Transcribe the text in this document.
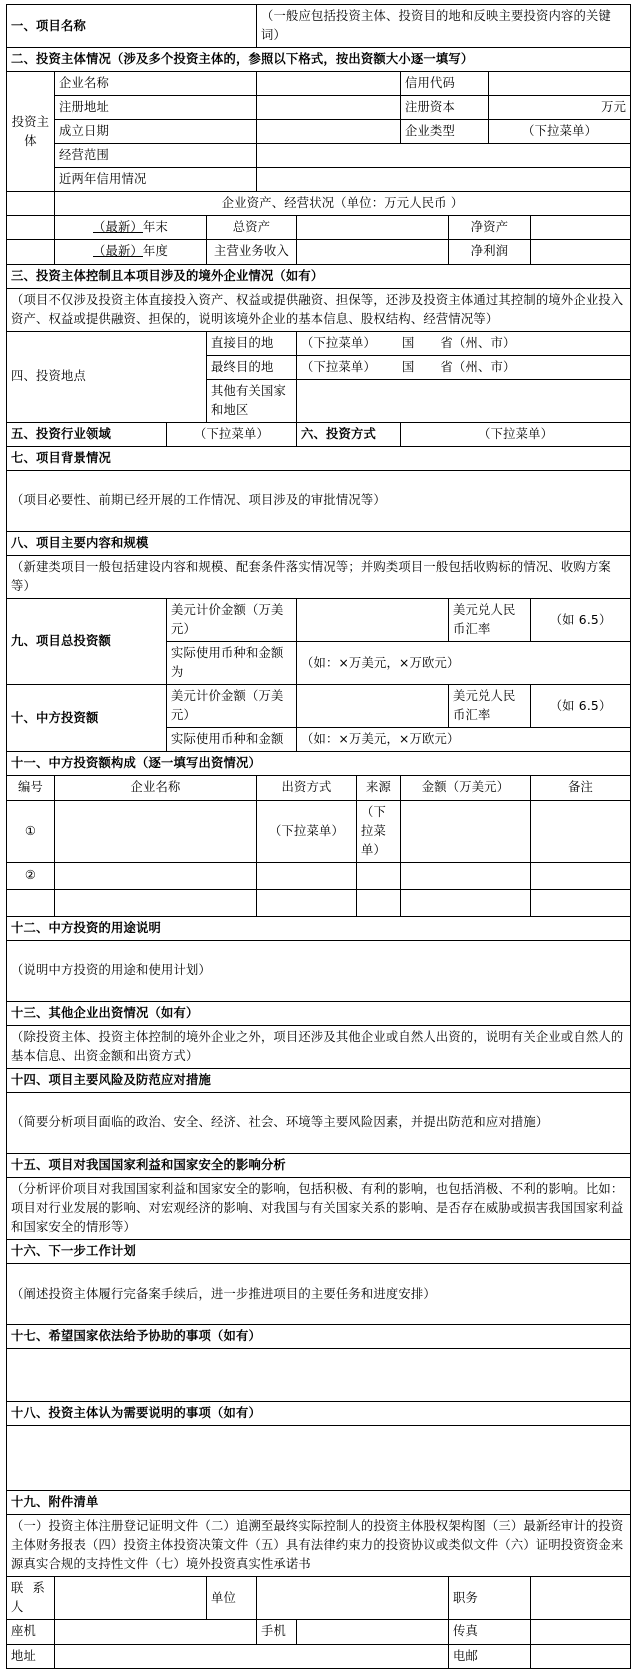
一、项目名称				（一般应包括投资主体、投资目的地和反映主要投资内容的关键词）						
二、投资主体情况（涉及多个投资主体的，参照以下格式，按出资额大小逐一填写）										
投资主体	企业名称						信用代码			
	注册地址						注册资本		万元	
	成立日期						企业类型		（下拉菜单）	
	经营范围									
	近两年信用情况									
	企业资产、经营状况（单位：万元人民币 ）									
	（最新）年末		总资产					净资产		
	（最新）年度		主营业务收入					净利润		
三、投资主体控制且本项目涉及的境外企业情况（如有）										
（项目不仅涉及投资主体直接投入资产、权益或提供融资、担保等，还涉及投资主体通过其控制的境外企业投入资产、权益或提供融资、担保的，说明该境外企业的基本信息、股权结构、经营情况等）										
四、投资地点			直接目的地		（下拉菜单） 国 省（州、市）					
			最终目的地		（下拉菜单） 国 省（州、市）					
			其他有关国家和地区							
五、投资行业领域		（下拉菜单）			六、投资方式		（下拉菜单）			
七、项目背景情况										
（项目必要性、前期已经开展的工作情况、项目涉及的审批情况等）										
八、项目主要内容和规模										
（新建类项目一般包括建设内容和规模、配套条件落实情况等；并购类项目一般包括收购标的情况、收购方案等）										
九、项目总投资额		美元计价金额（万美元）						美元兑人民币汇率		（如 6.5）
		实际使用币种和金额为			（如：×万美元，×万欧元）					
十、中方投资额		美元计价金额（万美元）						美元兑人民币汇率		（如 6.5）
		实际使用币种和金额			（如：×万美元，×万欧元）					
十一、中方投资额构成（逐一填写出资情况）										
编号	企业名称			出资方式		来源	金额（万美元）			备注
①				（下拉菜单）		（下拉菜单）				
②										

十二、中方投资的用途说明										
（说明中方投资的用途和使用计划）										
十三、其他企业出资情况（如有）										
（除投资主体、投资主体控制的境外企业之外，项目还涉及其他企业或自然人出资的，说明有关企业或自然人的基本信息、出资金额和出资方式）										
十四、项目主要风险及防范应对措施										
（简要分析项目面临的政治、安全、经济、社会、环境等主要风险因素，并提出防范和应对措施）										
十五、项目对我国国家利益和国家安全的影响分析										
（分析评价项目对我国国家利益和国家安全的影响，包括积极、有利的影响，也包括消极、不利的影响。比如：项目对行业发展的影响、对宏观经济的影响、对我国与有关国家关系的影响、是否存在威胁或损害我国国家利益和国家安全的情形等）										
十六、下一步工作计划										
（阐述投资主体履行完备案手续后，进一步推进项目的主要任务和进度安排）										
十七、希望国家依法给予协助的事项（如有）										

十八、投资主体认为需要说明的事项（如有）										

十九、附件清单										
（一）投资主体注册登记证明文件（二）追溯至最终实际控制人的投资主体股权架构图（三）最新经审计的投资主体财务报表（四）投资主体投资决策文件（五）具有法律约束力的投资协议或类似文件（六）证明投资资金来源真实合规的支持性文件（七）境外投资真实性承诺书										
联系人			单位					职务		
座机				手机				传真		
地址								电邮		
